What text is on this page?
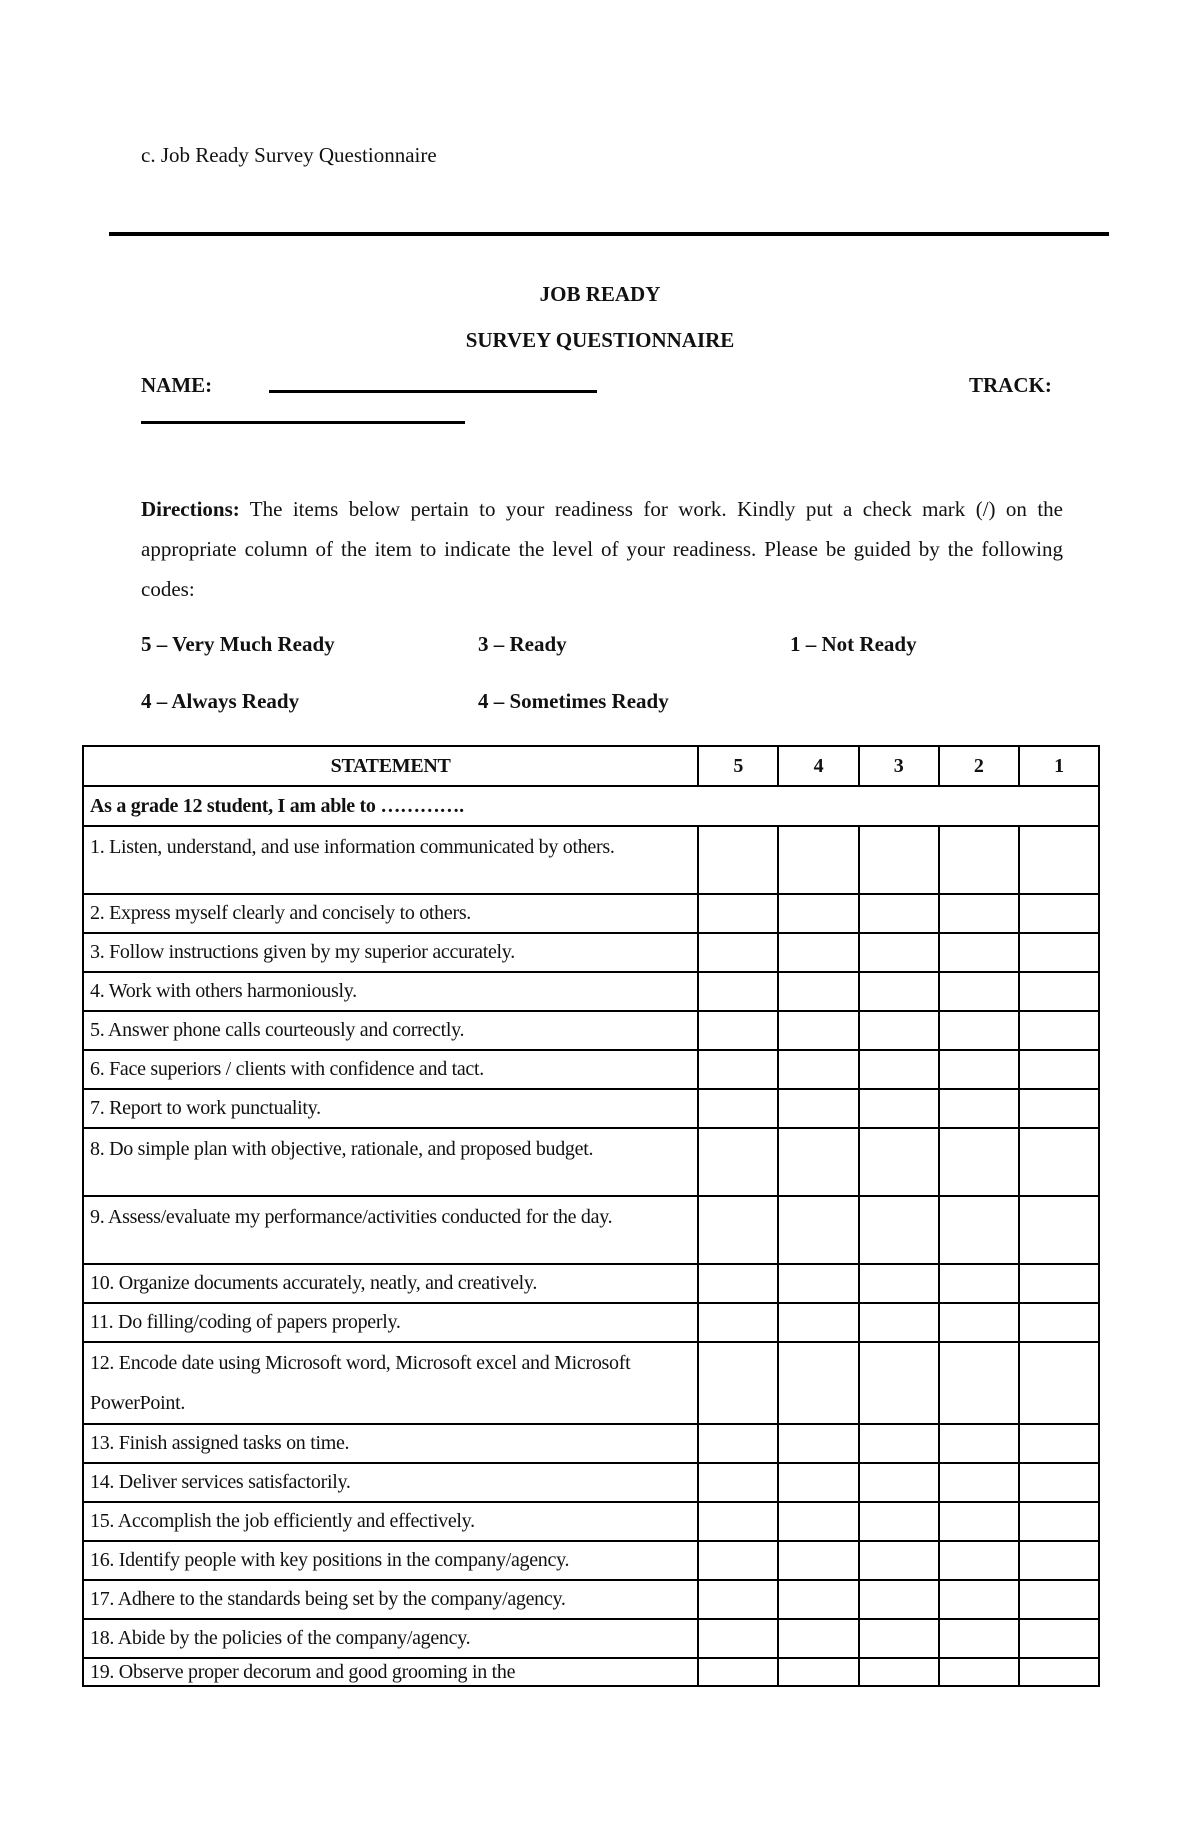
c. Job Ready Survey Questionnaire
JOB READY
SURVEY QUESTIONNAIRE
NAME:	TRACK:
Directions: The items below pertain to your readiness for work. Kindly put a check mark (/) on the appropriate column of the item to indicate the level of your readiness. Please be guided by the following codes:
5 – Very Much Ready	3 – Ready	1 – Not Ready
4 – Always Ready	4 – Sometimes Ready
STATEMENT	5	4	3	2	1
As a grade 12 student, I am able to ………….					
1. Listen, understand, and use information communicated by others.					
2. Express myself clearly and concisely to others.					
3. Follow instructions given by my superior accurately.					
4. Work with others harmoniously.					
5. Answer phone calls courteously and correctly.					
6. Face superiors / clients with confidence and tact.					
7. Report to work punctuality.					
8. Do simple plan with objective, rationale, and proposed budget.					
9. Assess/evaluate my performance/activities conducted for the day.					
10. Organize documents accurately, neatly, and creatively.					
11. Do filling/coding of papers properly.					
12. Encode date using Microsoft word, Microsoft excel and Microsoft PowerPoint.					
13. Finish assigned tasks on time.					
14. Deliver services satisfactorily.					
15. Accomplish the job efficiently and effectively.					
16. Identify people with key positions in the company/agency.					
17. Adhere to the standards being set by the company/agency.					
18. Abide by the policies of the company/agency.					
19. Observe proper decorum and good grooming in the					
